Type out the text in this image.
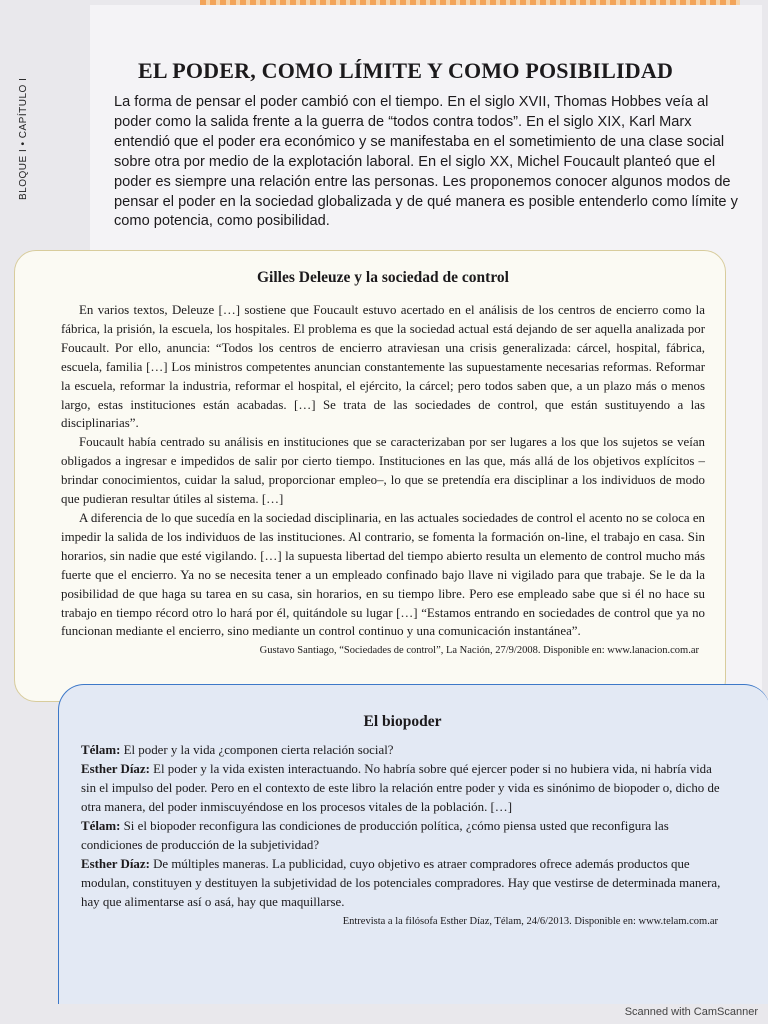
BLOQUE I • CAPÍTULO I
EL PODER, COMO LÍMITE Y COMO POSIBILIDAD

La forma de pensar el poder cambió con el tiempo. En el siglo XVII, Thomas Hobbes veía al poder como la salida frente a la guerra de “todos contra todos”. En el siglo XIX, Karl Marx entendió que el poder era económico y se manifestaba en el sometimiento de una clase social sobre otra por medio de la explotación laboral. En el siglo XX, Michel Foucault planteó que el poder es siempre una relación entre las personas. Les proponemos conocer algunos modos de pensar el poder en la sociedad globalizada y de qué manera es posible entenderlo como límite y como potencia, como posibilidad.

Gilles Deleuze y la sociedad de control

En varios textos, Deleuze […] sostiene que Foucault estuvo acertado en el análisis de los centros de encierro como la fábrica, la prisión, la escuela, los hospitales. El problema es que la sociedad actual está dejando de ser aquella analizada por Foucault. Por ello, anuncia: “Todos los centros de encierro atraviesan una crisis generalizada: cárcel, hospital, fábrica, escuela, familia […] Los ministros competentes anuncian constantemente las supuestamente necesarias reformas. Reformar la escuela, reformar la industria, reformar el hospital, el ejército, la cárcel; pero todos saben que, a un plazo más o menos largo, estas instituciones están acabadas. […] Se trata de las sociedades de control, que están sustituyendo a las disciplinarias”.

Foucault había centrado su análisis en instituciones que se caracterizaban por ser lugares a los que los sujetos se veían obligados a ingresar e impedidos de salir por cierto tiempo. Instituciones en las que, más allá de los objetivos explícitos –brindar conocimientos, cuidar la salud, proporcionar empleo–, lo que se pretendía era disciplinar a los individuos de modo que pudieran resultar útiles al sistema. […]

A diferencia de lo que sucedía en la sociedad disciplinaria, en las actuales sociedades de control el acento no se coloca en impedir la salida de los individuos de las instituciones. Al contrario, se fomenta la formación on-line, el trabajo en casa. Sin horarios, sin nadie que esté vigilando. […] la supuesta libertad del tiempo abierto resulta un elemento de control mucho más fuerte que el encierro. Ya no se necesita tener a un empleado confinado bajo llave ni vigilado para que trabaje. Se le da la posibilidad de que haga su tarea en su casa, sin horarios, en su tiempo libre. Pero ese empleado sabe que si él no hace su trabajo en tiempo récord otro lo hará por él, quitándole su lugar […] “Estamos entrando en sociedades de control que ya no funcionan mediante el encierro, sino mediante un control continuo y una comunicación instantánea”.

Gustavo Santiago, “Sociedades de control”, La Nación, 27/9/2008. Disponible en: www.lanacion.com.ar

El biopoder

Télam: El poder y la vida ¿componen cierta relación social?

Esther Díaz: El poder y la vida existen interactuando. No habría sobre qué ejercer poder si no hubiera vida, ni habría vida sin el impulso del poder. Pero en el contexto de este libro la relación entre poder y vida es sinónimo de biopoder o, dicho de otra manera, del poder inmiscuyéndose en los procesos vitales de la población. […]

Télam: Si el biopoder reconfigura las condiciones de producción política, ¿cómo piensa usted que reconfigura las condiciones de producción de la subjetividad?

Esther Díaz: De múltiples maneras. La publicidad, cuyo objetivo es atraer compradores ofrece además productos que modulan, constituyen y destituyen la subjetividad de los potenciales compradores. Hay que vestirse de determinada manera, hay que alimentarse así o asá, hay que maquillarse.

Entrevista a la filósofa Esther Díaz, Télam, 24/6/2013. Disponible en: www.telam.com.ar

Scanned with CamScanner
